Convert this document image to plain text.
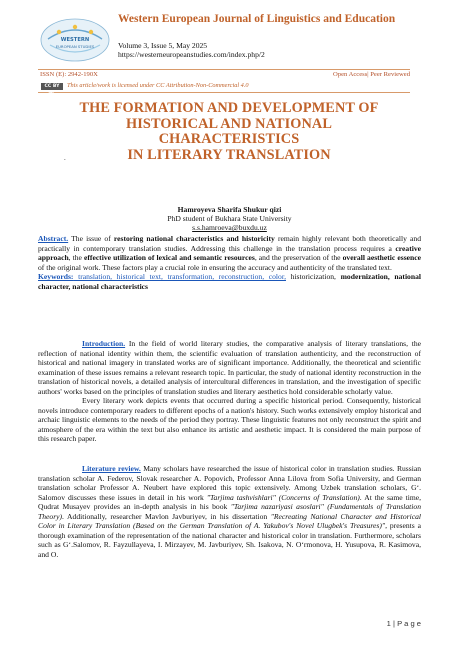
WESTERN
EUROPEAN STUDIES
Western European Journal of Linguistics and Education
Volume 3, Issue 5, May 2025
https://westerneuropeanstudies.com/index.php/2
ISSN (E): 2942-190X	Open Access| Peer Reviewed
CC BY NC
This article/work is licensed under CC Attribution-Non-Commercial 4.0
THE FORMATION AND DEVELOPMENT OF
HISTORICAL AND NATIONAL
CHARACTERISTICS
IN LITERARY TRANSLATION
.
Hamroyeva Sharifa Shukur qizi
PhD student of Bukhara State University
s.s.hamroeva@buxdu.uz

Abstract. The issue of restoring national characteristics and historicity remain highly relevant both theoretically and practically in contemporary translation studies. Addressing this challenge in the translation process requires a creative approach, the effective utilization of lexical and semantic resources, and the preservation of the overall aesthetic essence of the original work. These factors play a crucial role in ensuring the accuracy and authenticity of the translated text.

Keywords: translation, historical text, transformation, reconstruction, color, historicization, modernization, national character, national characteristics

Introduction. In the field of world literary studies, the comparative analysis of literary translations, the reflection of national identity within them, the scientific evaluation of translation authenticity, and the reconstruction of historical and national imagery in translated works are of significant importance. Additionally, the theoretical and scientific examination of these issues remains a relevant research topic. In particular, the study of national identity reconstruction in the translation of historical novels, a detailed analysis of intercultural differences in translation, and the investigation of specific authors' works based on the principles of translation studies and literary aesthetics hold considerable scholarly value.

Every literary work depicts events that occurred during a specific historical period. Consequently, historical novels introduce contemporary readers to different epochs of a nation's history. Such works extensively employ historical and archaic linguistic elements to the needs of the period they portray. These linguistic features not only reconstruct the spirit and atmosphere of the era within the text but also enhance its artistic and aesthetic impact. It is considered the main purpose of this research paper.

Literature review. Many scholars have researched the issue of historical color in translation studies. Russian translation scholar A. Federov, Slovak researcher A. Popovich, Professor Anna Lilova from Sofia University, and German translation scholar Professor A. Neubert have explored this topic extensively. Among Uzbek translation scholars, G‘. Salomov discusses these issues in detail in his work "Tarjima tashvishlari" (Concerns of Translation). At the same time, Qudrat Musayev provides an in-depth analysis in his book "Tarjima nazariyasi asoslari" (Fundamentals of Translation Theory). Additionally, researcher Mavlon Javburiyev, in his dissertation "Recreating National Character and Historical Color in Literary Translation (Based on the German Translation of A. Yakubov's Novel Ulugbek's Treasures)", presents a thorough examination of the representation of the national character and historical color in translation. Furthermore, scholars such as G‘.Salomov, R. Fayzullayeva, I. Mirzayev, M. Javburiyev, Sh. Isakova, N. O‘rmonova, H. Yusupova, R. Kasimova, and O.

1 | P a g e
